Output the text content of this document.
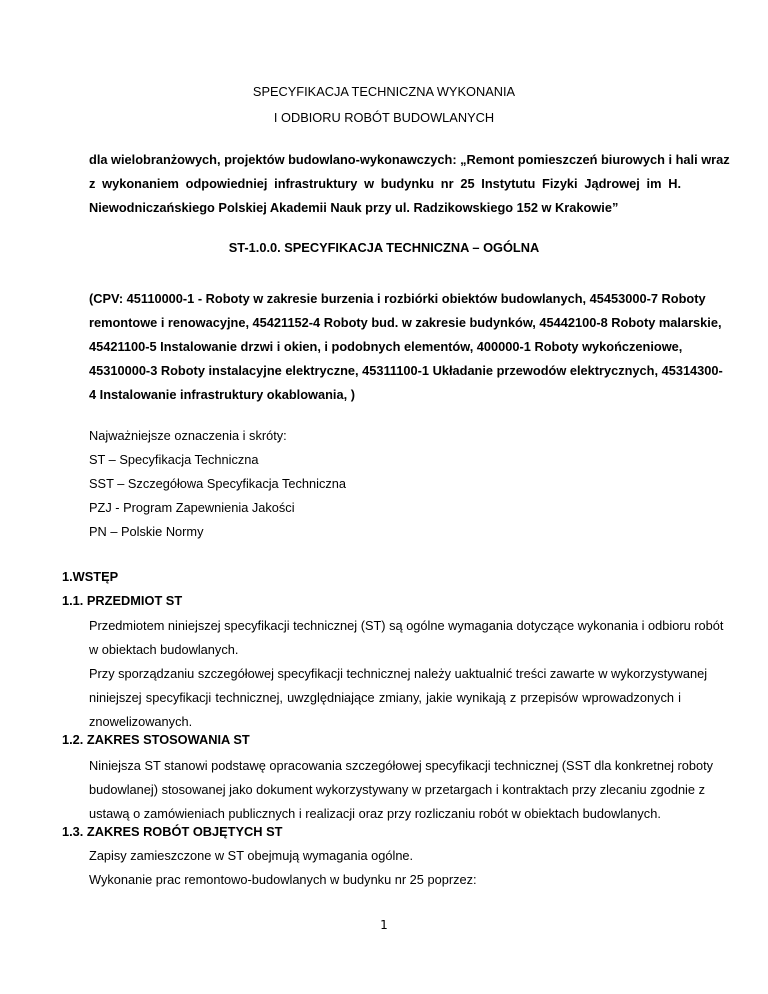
SPECYFIKACJA TECHNICZNA WYKONANIA
I ODBIORU ROBÓT BUDOWLANYCH
dla wielobranżowych, projektów budowlano-wykonawczych: „Remont pomieszczeń biurowych i hali wraz
z wykonaniem odpowiedniej infrastruktury w budynku nr 25 Instytutu Fizyki Jądrowej im H.
Niewodniczańskiego Polskiej Akademii Nauk przy ul. Radzikowskiego 152 w Krakowie”
ST-1.0.0. SPECYFIKACJA TECHNICZNA – OGÓLNA
(CPV: 45110000-1 - Roboty w zakresie burzenia i rozbiórki obiektów budowlanych, 45453000-7 Roboty
remontowe i renowacyjne, 45421152-4 Roboty bud. w zakresie budynków, 45442100-8 Roboty malarskie,
45421100-5 Instalowanie drzwi i okien, i podobnych elementów, 400000-1 Roboty wykończeniowe,
45310000-3 Roboty instalacyjne elektryczne, 45311100-1 Układanie przewodów elektrycznych, 45314300-
4 Instalowanie infrastruktury okablowania, )
Najważniejsze oznaczenia i skróty:
ST – Specyfikacja Techniczna
SST – Szczegółowa Specyfikacja Techniczna
PZJ - Program Zapewnienia Jakości
PN – Polskie Normy
1.WSTĘP
1.1. PRZEDMIOT ST
Przedmiotem niniejszej specyfikacji technicznej (ST) są ogólne wymagania dotyczące wykonania i odbioru robót
w obiektach budowlanych.
Przy sporządzaniu szczegółowej specyfikacji technicznej należy uaktualnić treści zawarte w wykorzystywanej
niniejszej specyfikacji technicznej, uwzględniające zmiany, jakie wynikają z przepisów wprowadzonych i
znowelizowanych.
1.2. ZAKRES STOSOWANIA ST
Niniejsza ST stanowi podstawę opracowania szczegółowej specyfikacji technicznej (SST dla konkretnej roboty
budowlanej) stosowanej jako dokument wykorzystywany w przetargach i kontraktach przy zlecaniu zgodnie z
ustawą o zamówieniach publicznych i realizacji oraz przy rozliczaniu robót w obiektach budowlanych.
1.3. ZAKRES ROBÓT OBJĘTYCH ST
Zapisy zamieszczone w ST obejmują wymagania ogólne.
Wykonanie prac remontowo-budowlanych w budynku nr 25 poprzez:
1
